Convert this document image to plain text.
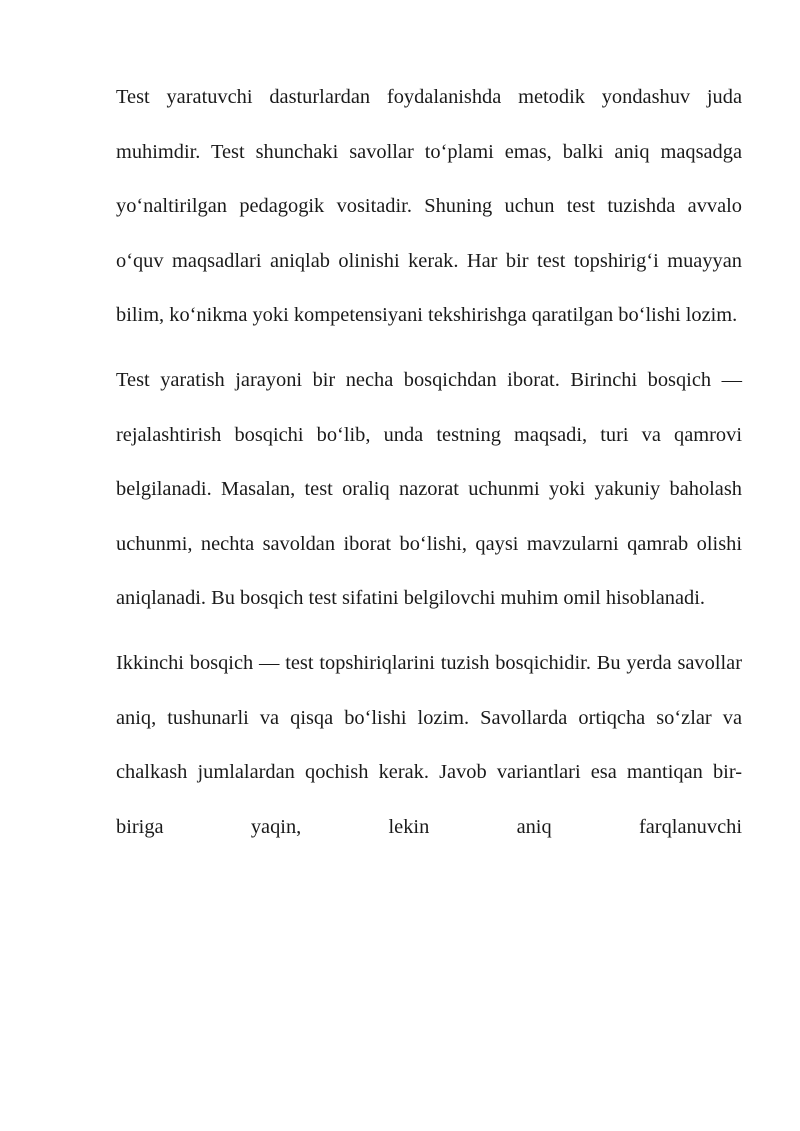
Test yaratuvchi dasturlardan foydalanishda metodik yondashuv juda muhimdir. Test shunchaki savollar to‘plami emas, balki aniq maqsadga yo‘naltirilgan pedagogik vositadir. Shuning uchun test tuzishda avvalo o‘quv maqsadlari aniqlab olinishi kerak. Har bir test topshirig‘i muayyan bilim, ko‘nikma yoki kompetensiyani tekshirishga qaratilgan bo‘lishi lozim.

Test yaratish jarayoni bir necha bosqichdan iborat. Birinchi bosqich — rejalashtirish bosqichi bo‘lib, unda testning maqsadi, turi va qamrovi belgilanadi. Masalan, test oraliq nazorat uchunmi yoki yakuniy baholash uchunmi, nechta savoldan iborat bo‘lishi, qaysi mavzularni qamrab olishi aniqlanadi. Bu bosqich test sifatini belgilovchi muhim omil hisoblanadi.

Ikkinchi bosqich — test topshiriqlarini tuzish bosqichidir. Bu yerda savollar aniq, tushunarli va qisqa bo‘lishi lozim. Savollarda ortiqcha so‘zlar va chalkash jumlalardan qochish kerak. Javob variantlari esa mantiqan bir-biriga yaqin, lekin aniq farqlanuvchi
